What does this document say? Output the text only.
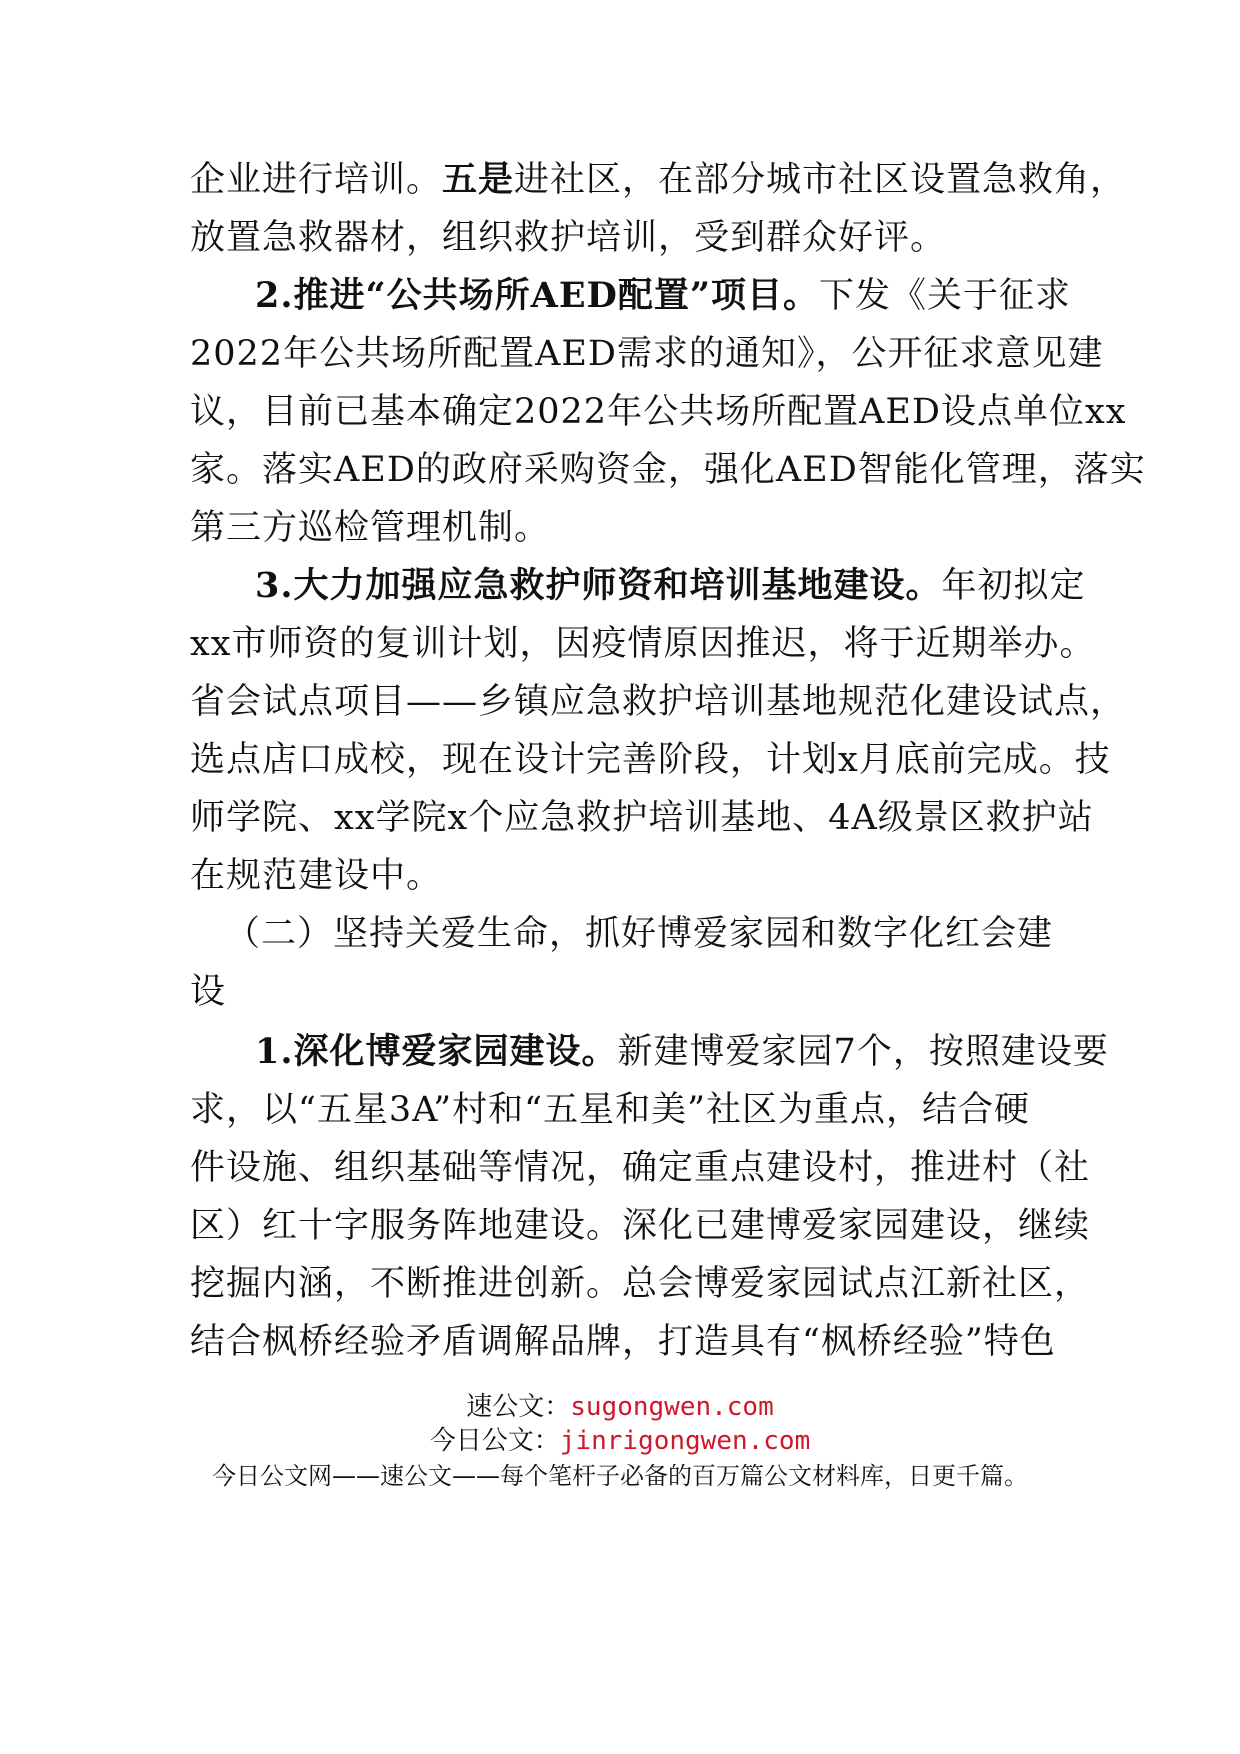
企业进行培训。五是进社区，在部分城市社区设置急救角，
放置急救器材，组织救护培训，受到群众好评。
2.推进“公共场所AED配置”项目。下发《关于征求
2022年公共场所配置AED需求的通知》，公开征求意见建
议，目前已基本确定2022年公共场所配置AED设点单位xx
家。落实AED的政府采购资金，强化AED智能化管理，落实
第三方巡检管理机制。
3.大力加强应急救护师资和培训基地建设。年初拟定
xx市师资的复训计划，因疫情原因推迟，将于近期举办。
省会试点项目——乡镇应急救护培训基地规范化建设试点，
选点店口成校，现在设计完善阶段，计划x月底前完成。技
师学院、xx学院x个应急救护培训基地、4A级景区救护站
在规范建设中。
（二）坚持关爱生命，抓好博爱家园和数字化红会建
设
1.深化博爱家园建设。新建博爱家园7个，按照建设要
求，以“五星3A”村和“五星和美”社区为重点，结合硬
件设施、组织基础等情况，确定重点建设村，推进村（社
区）红十字服务阵地建设。深化已建博爱家园建设，继续
挖掘内涵，不断推进创新。总会博爱家园试点江新社区，
结合枫桥经验矛盾调解品牌，打造具有“枫桥经验”特色
速公文：sugongwen.com
今日公文：jinrigongwen.com
今日公文网——速公文——每个笔杆子必备的百万篇公文材料库，日更千篇。
